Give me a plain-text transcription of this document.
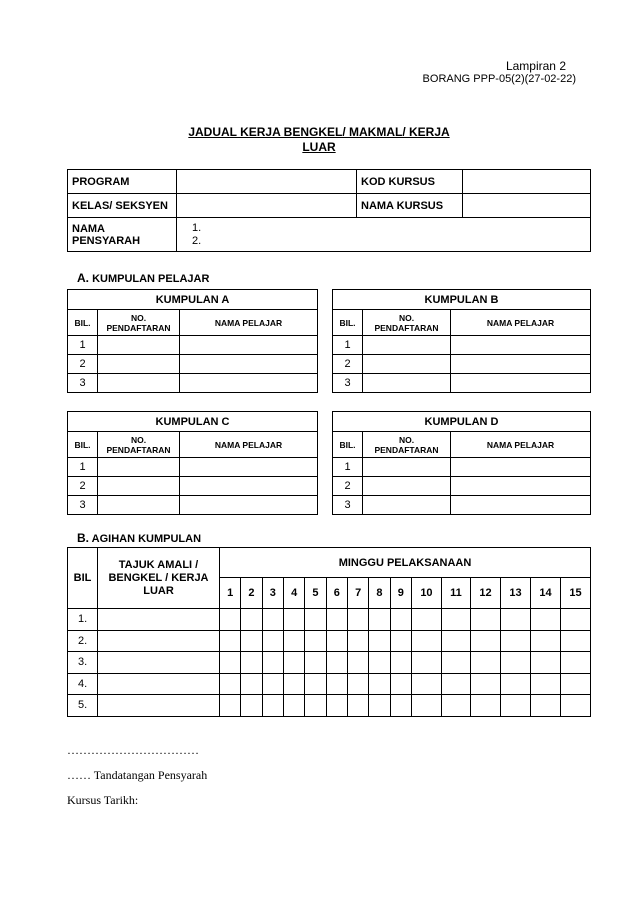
Lampiran 2
BORANG PPP-05(2)(27-02-22)
JADUAL KERJA BENGKEL/ MAKMAL/ KERJA
LUAR
PROGRAM		KOD KURSUS	
KELAS/ SEKSYEN		NAMA KURSUS	
NAMA PENSYARAH	1.
2.		
A. KUMPULAN PELAJAR
KUMPULAN A		
BIL.	NO. PENDAFTARAN	NAMA PELAJAR
1		
2		
3		
KUMPULAN B		
BIL.	NO. PENDAFTARAN	NAMA PELAJAR
1		
2		
3		
KUMPULAN C		
BIL.	NO. PENDAFTARAN	NAMA PELAJAR
1		
2		
3		
KUMPULAN D		
BIL.	NO. PENDAFTARAN	NAMA PELAJAR
1		
2		
3		
B. AGIHAN KUMPULAN
BIL	TAJUK AMALI / BENGKEL / KERJA LUAR	MINGGU PELAKSANAAN														
		1	2	3	4	5	6	7	8	9	10	11	12	13	14	15
1.																
2.																
3.																
4.																
5.																
……………………………
…… Tandatangan Pensyarah
Kursus Tarikh:
